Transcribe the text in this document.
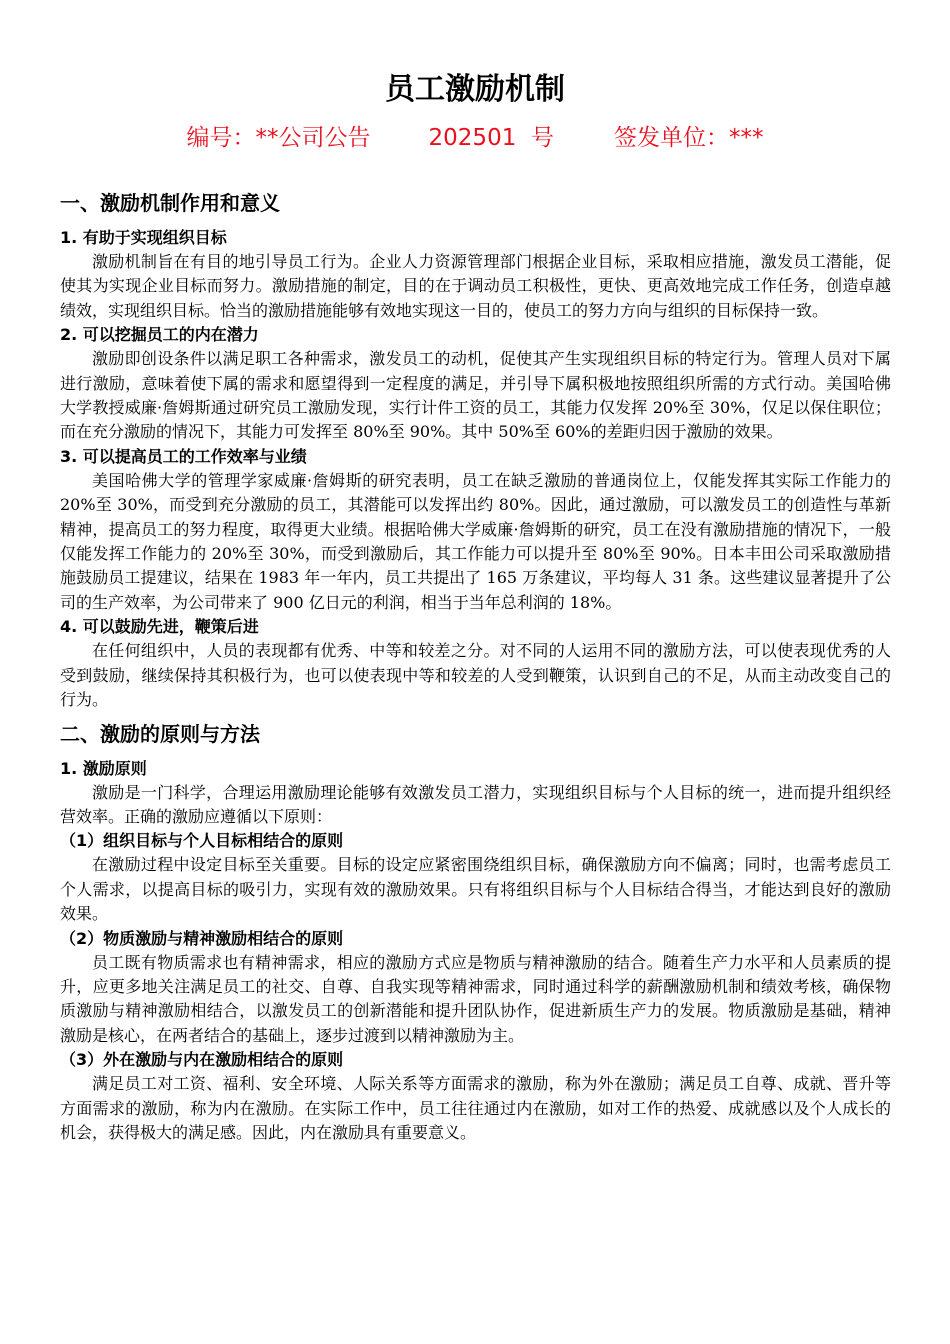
员工激励机制
编号：**公司公告	202501  号	签发单位：***
一、激励机制作用和意义
1. 有助于实现组织目标
激励机制旨在有目的地引导员工行为。企业人力资源管理部门根据企业目标，采取相应措施，激发员工潜能，促使其为实现企业目标而努力。激励措施的制定，目的在于调动员工积极性，更快、更高效地完成工作任务，创造卓越绩效，实现组织目标。恰当的激励措施能够有效地实现这一目的，使员工的努力方向与组织的目标保持一致。
2. 可以挖掘员工的内在潜力
激励即创设条件以满足职工各种需求，激发员工的动机，促使其产生实现组织目标的特定行为。管理人员对下属进行激励，意味着使下属的需求和愿望得到一定程度的满足，并引导下属积极地按照组织所需的方式行动。美国哈佛大学教授威廉·詹姆斯通过研究员工激励发现，实行计件工资的员工，其能力仅发挥 20%至 30%，仅足以保住职位；而在充分激励的情况下，其能力可发挥至 80%至 90%。其中 50%至 60%的差距归因于激励的效果。
3. 可以提高员工的工作效率与业绩
美国哈佛大学的管理学家威廉·詹姆斯的研究表明，员工在缺乏激励的普通岗位上，仅能发挥其实际工作能力的 20%至 30%，而受到充分激励的员工，其潜能可以发挥出约 80%。因此，通过激励，可以激发员工的创造性与革新精神，提高员工的努力程度，取得更大业绩。根据哈佛大学威廉·詹姆斯的研究，员工在没有激励措施的情况下，一般仅能发挥工作能力的 20%至 30%，而受到激励后，其工作能力可以提升至 80%至 90%。日本丰田公司采取激励措施鼓励员工提建议，结果在 1983 年一年内，员工共提出了 165 万条建议，平均每人 31 条。这些建议显著提升了公司的生产效率，为公司带来了 900 亿日元的利润，相当于当年总利润的 18%。
4. 可以鼓励先进，鞭策后进
在任何组织中，人员的表现都有优秀、中等和较差之分。对不同的人运用不同的激励方法，可以使表现优秀的人受到鼓励，继续保持其积极行为，也可以使表现中等和较差的人受到鞭策，认识到自己的不足，从而主动改变自己的行为。
二、激励的原则与方法
1. 激励原则
激励是一门科学，合理运用激励理论能够有效激发员工潜力，实现组织目标与个人目标的统一，进而提升组织经营效率。正确的激励应遵循以下原则：
（1）组织目标与个人目标相结合的原则
在激励过程中设定目标至关重要。目标的设定应紧密围绕组织目标，确保激励方向不偏离；同时，也需考虑员工个人需求，以提高目标的吸引力，实现有效的激励效果。只有将组织目标与个人目标结合得当，才能达到良好的激励效果。
（2）物质激励与精神激励相结合的原则
员工既有物质需求也有精神需求，相应的激励方式应是物质与精神激励的结合。随着生产力水平和人员素质的提升，应更多地关注满足员工的社交、自尊、自我实现等精神需求，同时通过科学的薪酬激励机制和绩效考核，确保物质激励与精神激励相结合，以激发员工的创新潜能和提升团队协作，促进新质生产力的发展。物质激励是基础，精神激励是核心，在两者结合的基础上，逐步过渡到以精神激励为主。
（3）外在激励与内在激励相结合的原则
满足员工对工资、福利、安全环境、人际关系等方面需求的激励，称为外在激励；满足员工自尊、成就、晋升等方面需求的激励，称为内在激励。在实际工作中，员工往往通过内在激励，如对工作的热爱、成就感以及个人成长的机会，获得极大的满足感。因此，内在激励具有重要意义。
